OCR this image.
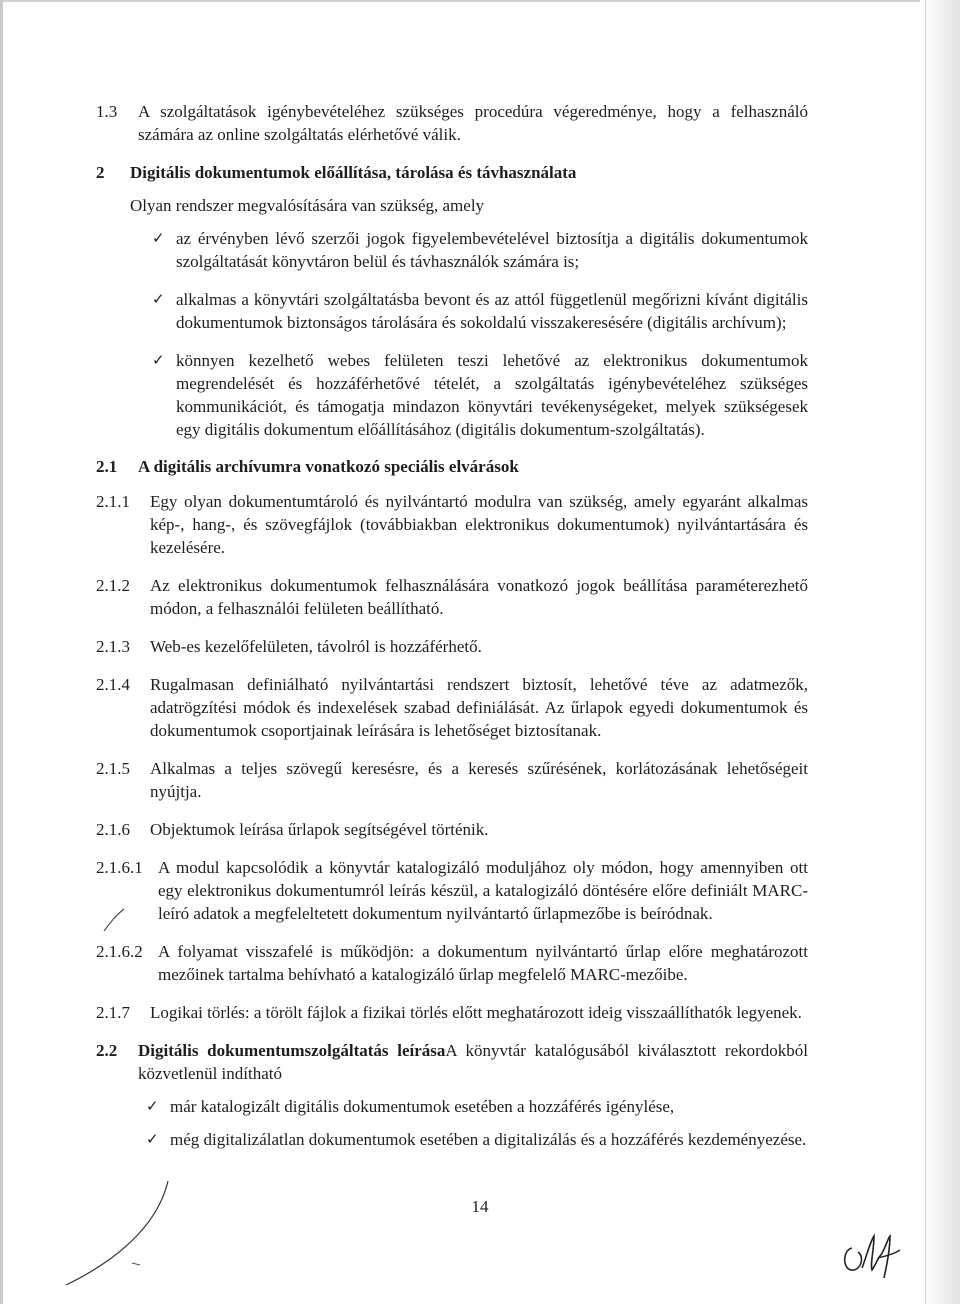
1.3 A szolgáltatások igénybevételéhez szükséges procedúra végeredménye, hogy a felhasználó számára az online szolgáltatás elérhetővé válik.
2 Digitális dokumentumok előállítása, tárolása és távhasználata
Olyan rendszer megvalósítására van szükség, amely
✓ az érvényben lévő szerzői jogok figyelembevételével biztosítja a digitális dokumentumok szolgáltatását könyvtáron belül és távhasználók számára is;
✓ alkalmas a könyvtári szolgáltatásba bevont és az attól függetlenül megőrizni kívánt digitális dokumentumok biztonságos tárolására és sokoldalú visszakeresésére (digitális archívum);
✓ könnyen kezelhető webes felületen teszi lehetővé az elektronikus dokumentumok megrendelését és hozzáférhetővé tételét, a szolgáltatás igénybevételéhez szükséges kommunikációt, és támogatja mindazon könyvtári tevékenységeket, melyek szükségesek egy digitális dokumentum előállításához (digitális dokumentum-szolgáltatás).
2.1 A digitális archívumra vonatkozó speciális elvárások
2.1.1 Egy olyan dokumentumtároló és nyilvántartó modulra van szükség, amely egyaránt alkalmas kép-, hang-, és szövegfájlok (továbbiakban elektronikus dokumentumok) nyilvántartására és kezelésére.
2.1.2 Az elektronikus dokumentumok felhasználására vonatkozó jogok beállítása paraméterezhető módon, a felhasználói felületen beállítható.
2.1.3 Web-es kezelőfelületen, távolról is hozzáférhető.
2.1.4 Rugalmasan definiálható nyilvántartási rendszert biztosít, lehetővé téve az adatmezők, adatrögzítési módok és indexelések szabad definiálását. Az űrlapok egyedi dokumentumok és dokumentumok csoportjainak leírására is lehetőséget biztosítanak.
2.1.5 Alkalmas a teljes szövegű keresésre, és a keresés szűrésének, korlátozásának lehetőségeit nyújtja.
2.1.6 Objektumok leírása űrlapok segítségével történik.
2.1.6.1 A modul kapcsolódik a könyvtár katalogizáló moduljához oly módon, hogy amennyiben ott egy elektronikus dokumentumról leírás készül, a katalogizáló döntésére előre definiált MARC-leíró adatok a megfeleltetett dokumentum nyilvántartó űrlapmezőbe is beíródnak.
2.1.6.2 A folyamat visszafelé is működjön: a dokumentum nyilvántartó űrlap előre meghatározott mezőinek tartalma behívható a katalogizáló űrlap megfelelő MARC-mezőibe.
2.1.7 Logikai törlés: a törölt fájlok a fizikai törlés előtt meghatározott ideig visszaállíthatók legyenek.
2.2 Digitális dokumentumszolgáltatás leírásaA könyvtár katalógusából kiválasztott rekordokból közvetlenül indítható
✓ már katalogizált digitális dokumentumok esetében a hozzáférés igénylése,
✓ még digitalizálatlan dokumentumok esetében a digitalizálás és a hozzáférés kezdeményezése.
14
